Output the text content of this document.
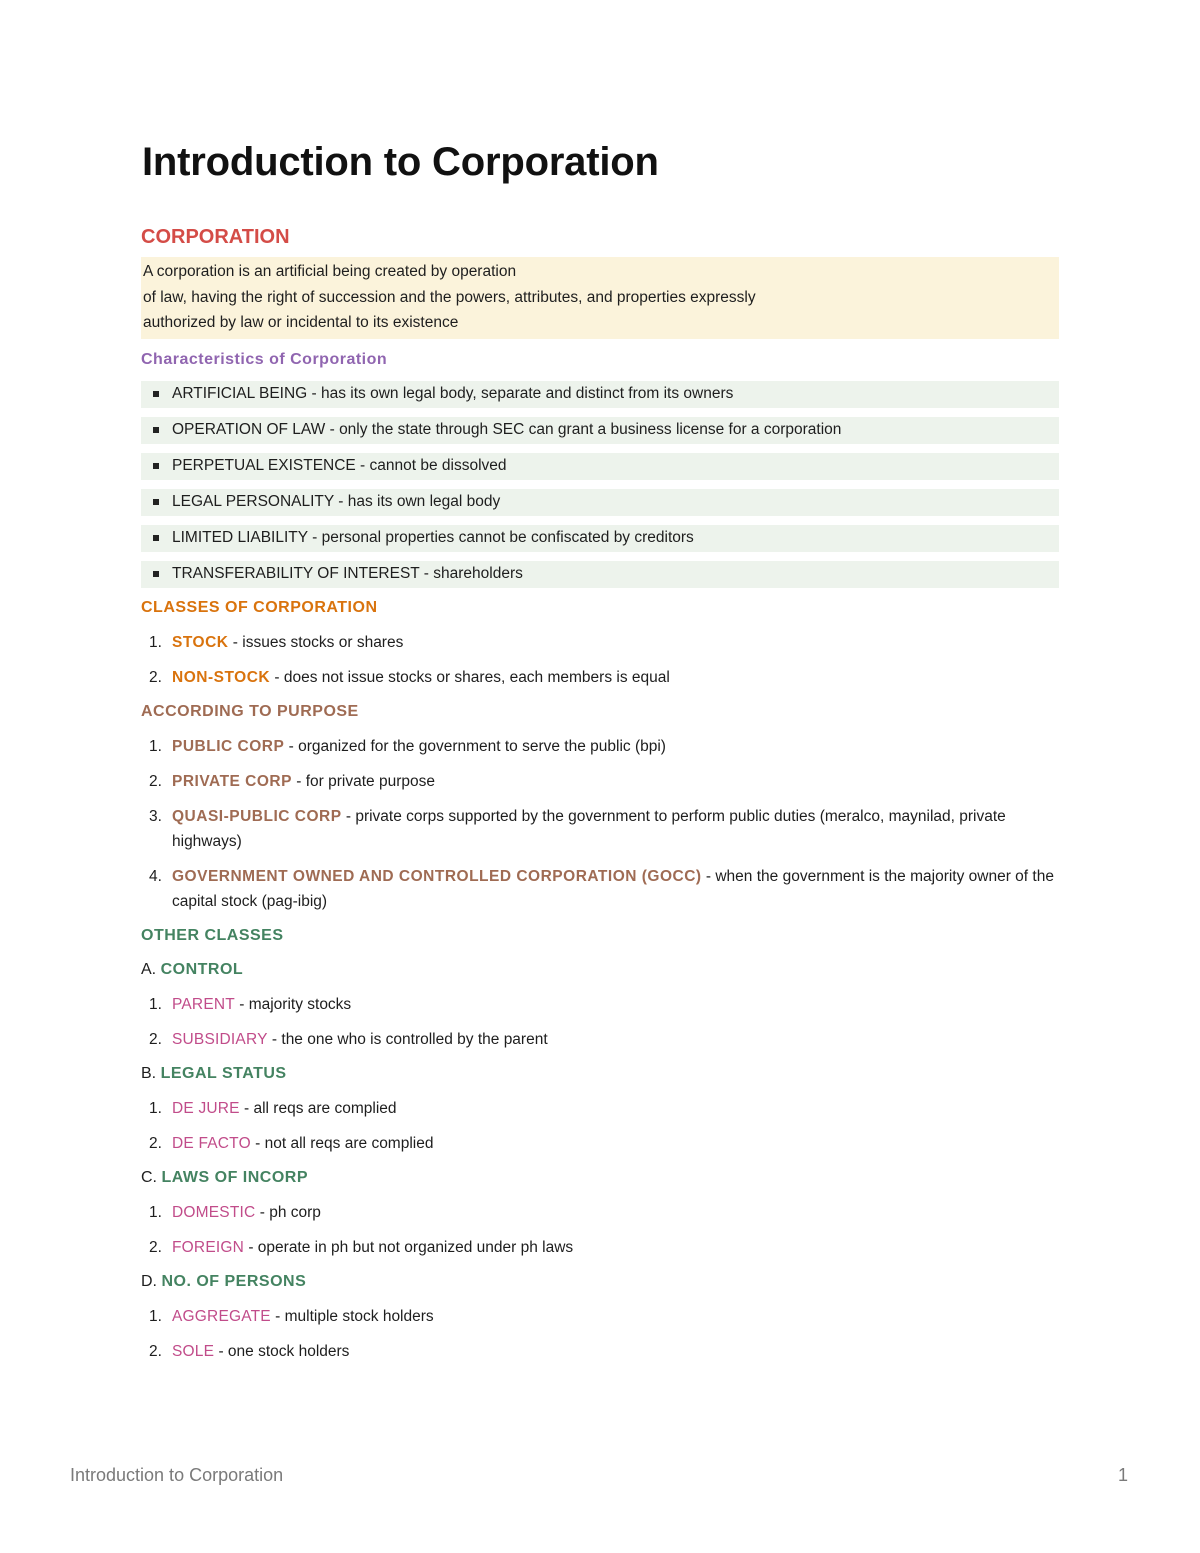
Introduction to Corporation
CORPORATION
A corporation is an artificial being created by operation
of law, having the right of succession and the powers, attributes, and properties expressly
authorized by law or incidental to its existence
Characteristics of Corporation
ARTIFICIAL BEING - has its own legal body, separate and distinct from its owners
OPERATION OF LAW - only the state through SEC can grant a business license for a corporation
PERPETUAL EXISTENCE - cannot be dissolved
LEGAL PERSONALITY - has its own legal body
LIMITED LIABILITY - personal properties cannot be confiscated by creditors
TRANSFERABILITY OF INTEREST - shareholders
CLASSES OF CORPORATION
1. STOCK - issues stocks or shares
2. NON-STOCK - does not issue stocks or shares, each members is equal
ACCORDING TO PURPOSE
1. PUBLIC CORP - organized for the government to serve the public (bpi)
2. PRIVATE CORP - for private purpose
3. QUASI-PUBLIC CORP - private corps supported by the government to perform public duties (meralco, maynilad, private highways)
4. GOVERNMENT OWNED AND CONTROLLED CORPORATION (GOCC) - when the government is the majority owner of the capital stock (pag-ibig)
OTHER CLASSES
A. CONTROL
1. PARENT - majority stocks
2. SUBSIDIARY - the one who is controlled by the parent
B. LEGAL STATUS
1. DE JURE - all reqs are complied
2. DE FACTO - not all reqs are complied
C. LAWS OF INCORP
1. DOMESTIC - ph corp
2. FOREIGN - operate in ph but not organized under ph laws
D. NO. OF PERSONS
1. AGGREGATE - multiple stock holders
2. SOLE - one stock holders
Introduction to Corporation	1
